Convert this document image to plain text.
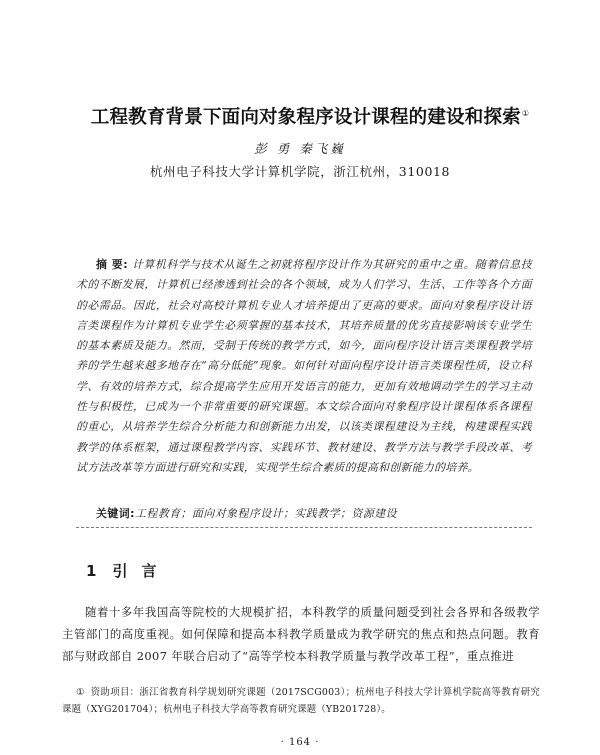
工程教育背景下面向对象程序设计课程的建设和探索①
彭 勇 秦飞巍
杭州电子科技大学计算机学院，浙江杭州，310018
摘 要: 计算机科学与技术从诞生之初就将程序设计作为其研究的重中之重。随着信息技术的不断发展，计算机已经渗透到社会的各个领域，成为人们学习、生活、工作等各个方面的必需品。因此，社会对高校计算机专业人才培养提出了更高的要求。面向对象程序设计语言类课程作为计算机专业学生必须掌握的基本技术，其培养质量的优劣直接影响该专业学生的基本素质及能力。然而，受制于传统的教学方式，如今，面向程序设计语言类课程教学培养的学生越来越多地存在“高分低能”现象。如何针对面向程序设计语言类课程性质，设立科学、有效的培养方式，综合提高学生应用开发语言的能力，更加有效地调动学生的学习主动性与积极性，已成为一个非常重要的研究课题。本文综合面向对象程序设计课程体系各课程的重心，从培养学生综合分析能力和创新能力出发，以该类课程建设为主线，构建课程实践教学的体系框架，通过课程教学内容、实践环节、教材建设、教学方法与教学手段改革、考试方法改革等方面进行研究和实践，实现学生综合素质的提高和创新能力的培养。
关键词:工程教育；面向对象程序设计；实践教学；资源建设
1 引言

随着十多年我国高等院校的大规模扩招，本科教学的质量问题受到社会各界和各级教学主管部门的高度重视。如何保障和提高本科教学质量成为教学研究的焦点和热点问题。教育部与财政部自 2007 年联合启动了“高等学校本科教学质量与教学改革工程”，重点推进

① 资助项目：浙江省教育科学规划研究课题（2017SCG003）；杭州电子科技大学计算机学院高等教育研究课题（XYG201704）；杭州电子科技大学高等教育研究课题（YB201728）。
· 164 ·
